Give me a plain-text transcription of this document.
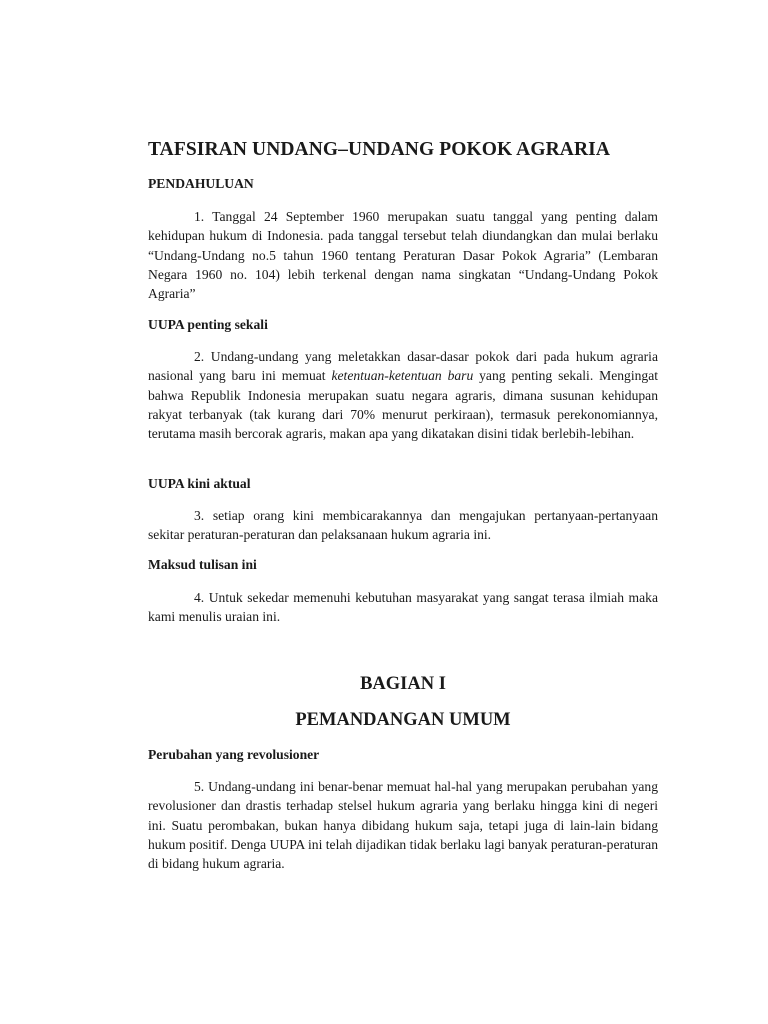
TAFSIRAN UNDANG–UNDANG POKOK AGRARIA
PENDAHULUAN

1. Tanggal 24 September 1960 merupakan suatu tanggal yang penting dalam kehidupan hukum di Indonesia. pada tanggal tersebut telah diundangkan dan mulai berlaku “Undang-Undang no.5 tahun 1960 tentang Peraturan Dasar Pokok Agraria” (Lembaran Negara 1960 no. 104) lebih terkenal dengan nama singkatan “Undang-Undang Pokok Agraria”

UUPA penting sekali

2. Undang-undang yang meletakkan dasar-dasar pokok dari pada hukum agraria nasional yang baru ini memuat ketentuan-ketentuan baru yang penting sekali. Mengingat bahwa Republik Indonesia merupakan suatu negara agraris, dimana susunan kehidupan rakyat terbanyak (tak kurang dari 70% menurut perkiraan), termasuk perekonomiannya, terutama masih bercorak agraris, makan apa yang dikatakan disini tidak berlebih-lebihan.

UUPA kini aktual

3. setiap orang kini membicarakannya dan mengajukan pertanyaan-pertanyaan sekitar peraturan-peraturan dan pelaksanaan hukum agraria ini.

Maksud tulisan ini

4. Untuk sekedar memenuhi kebutuhan masyarakat yang sangat terasa ilmiah maka kami menulis uraian ini.

BAGIAN I
PEMANDANGAN UMUM
Perubahan yang revolusioner

5. Undang-undang ini benar-benar memuat hal-hal yang merupakan perubahan yang revolusioner dan drastis terhadap stelsel hukum agraria yang berlaku hingga kini di negeri ini. Suatu perombakan, bukan hanya dibidang hukum saja, tetapi juga di lain-lain bidang hukum positif. Denga UUPA ini telah dijadikan tidak berlaku lagi banyak peraturan-peraturan di bidang hukum agraria.
